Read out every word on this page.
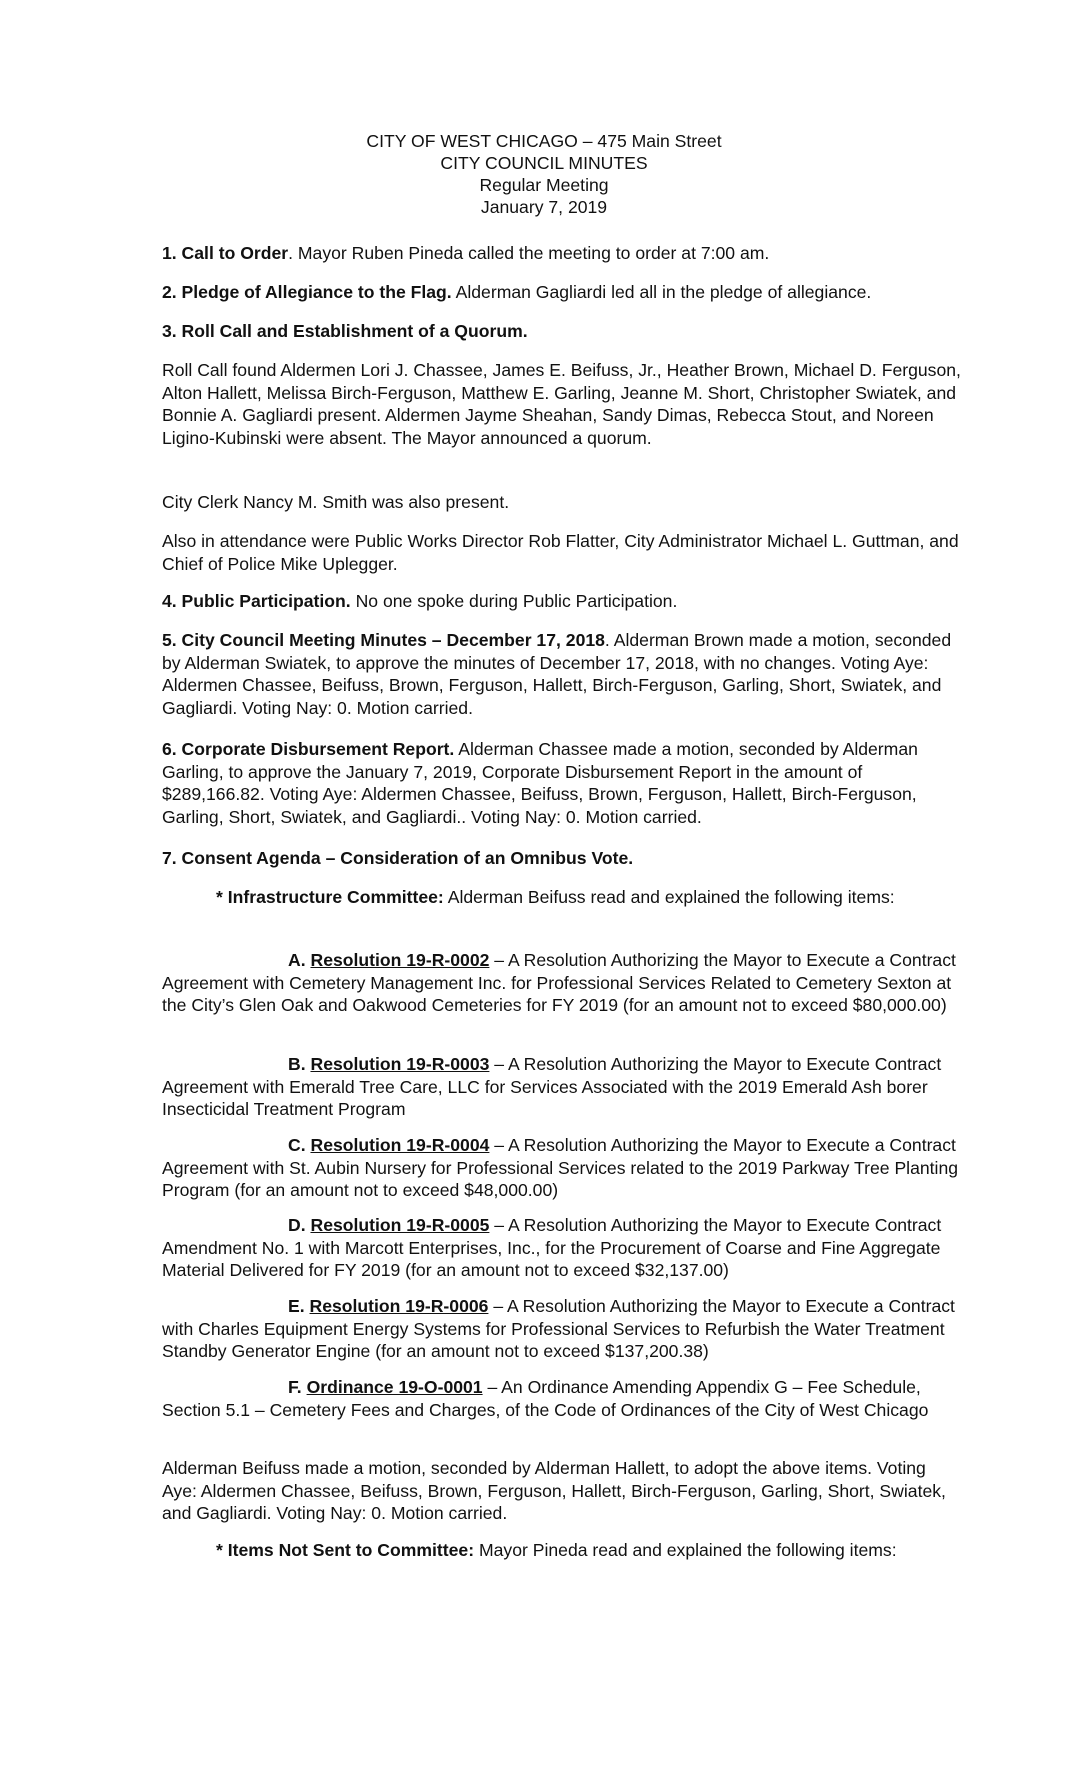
CITY OF WEST CHICAGO – 475 Main Street
CITY COUNCIL MINUTES
Regular Meeting
January 7, 2019
1. Call to Order. Mayor Ruben Pineda called the meeting to order at 7:00 am.
2. Pledge of Allegiance to the Flag. Alderman Gagliardi led all in the pledge of allegiance.
3. Roll Call and Establishment of a Quorum.
Roll Call found Aldermen Lori J. Chassee, James E. Beifuss, Jr., Heather Brown, Michael D. Ferguson, Alton Hallett, Melissa Birch-Ferguson, Matthew E. Garling, Jeanne M. Short, Christopher Swiatek, and Bonnie A. Gagliardi present. Aldermen Jayme Sheahan, Sandy Dimas, Rebecca Stout, and Noreen Ligino-Kubinski were absent. The Mayor announced a quorum.
City Clerk Nancy M. Smith was also present.
Also in attendance were Public Works Director Rob Flatter, City Administrator Michael L. Guttman, and Chief of Police Mike Uplegger.
4. Public Participation. No one spoke during Public Participation.
5. City Council Meeting Minutes – December 17, 2018. Alderman Brown made a motion, seconded by Alderman Swiatek, to approve the minutes of December 17, 2018, with no changes. Voting Aye: Aldermen Chassee, Beifuss, Brown, Ferguson, Hallett, Birch-Ferguson, Garling, Short, Swiatek, and Gagliardi. Voting Nay: 0. Motion carried.
6. Corporate Disbursement Report. Alderman Chassee made a motion, seconded by Alderman Garling, to approve the January 7, 2019, Corporate Disbursement Report in the amount of $289,166.82. Voting Aye: Aldermen Chassee, Beifuss, Brown, Ferguson, Hallett, Birch-Ferguson, Garling, Short, Swiatek, and Gagliardi.. Voting Nay: 0. Motion carried.
7. Consent Agenda – Consideration of an Omnibus Vote.
* Infrastructure Committee: Alderman Beifuss read and explained the following items:
A. Resolution 19-R-0002 – A Resolution Authorizing the Mayor to Execute a Contract Agreement with Cemetery Management Inc. for Professional Services Related to Cemetery Sexton at the City’s Glen Oak and Oakwood Cemeteries for FY 2019 (for an amount not to exceed $80,000.00)
B. Resolution 19-R-0003 – A Resolution Authorizing the Mayor to Execute Contract Agreement with Emerald Tree Care, LLC for Services Associated with the 2019 Emerald Ash borer Insecticidal Treatment Program
C. Resolution 19-R-0004 – A Resolution Authorizing the Mayor to Execute a Contract Agreement with St. Aubin Nursery for Professional Services related to the 2019 Parkway Tree Planting Program (for an amount not to exceed $48,000.00)
D. Resolution 19-R-0005 – A Resolution Authorizing the Mayor to Execute Contract Amendment No. 1 with Marcott Enterprises, Inc., for the Procurement of Coarse and Fine Aggregate Material Delivered for FY 2019 (for an amount not to exceed $32,137.00)
E. Resolution 19-R-0006 – A Resolution Authorizing the Mayor to Execute a Contract with Charles Equipment Energy Systems for Professional Services to Refurbish the Water Treatment Standby Generator Engine (for an amount not to exceed $137,200.38)
F. Ordinance 19-O-0001 – An Ordinance Amending Appendix G – Fee Schedule, Section 5.1 – Cemetery Fees and Charges, of the Code of Ordinances of the City of West Chicago
Alderman Beifuss made a motion, seconded by Alderman Hallett, to adopt the above items. Voting Aye: Aldermen Chassee, Beifuss, Brown, Ferguson, Hallett, Birch-Ferguson, Garling, Short, Swiatek, and Gagliardi. Voting Nay: 0. Motion carried.
* Items Not Sent to Committee: Mayor Pineda read and explained the following items:
